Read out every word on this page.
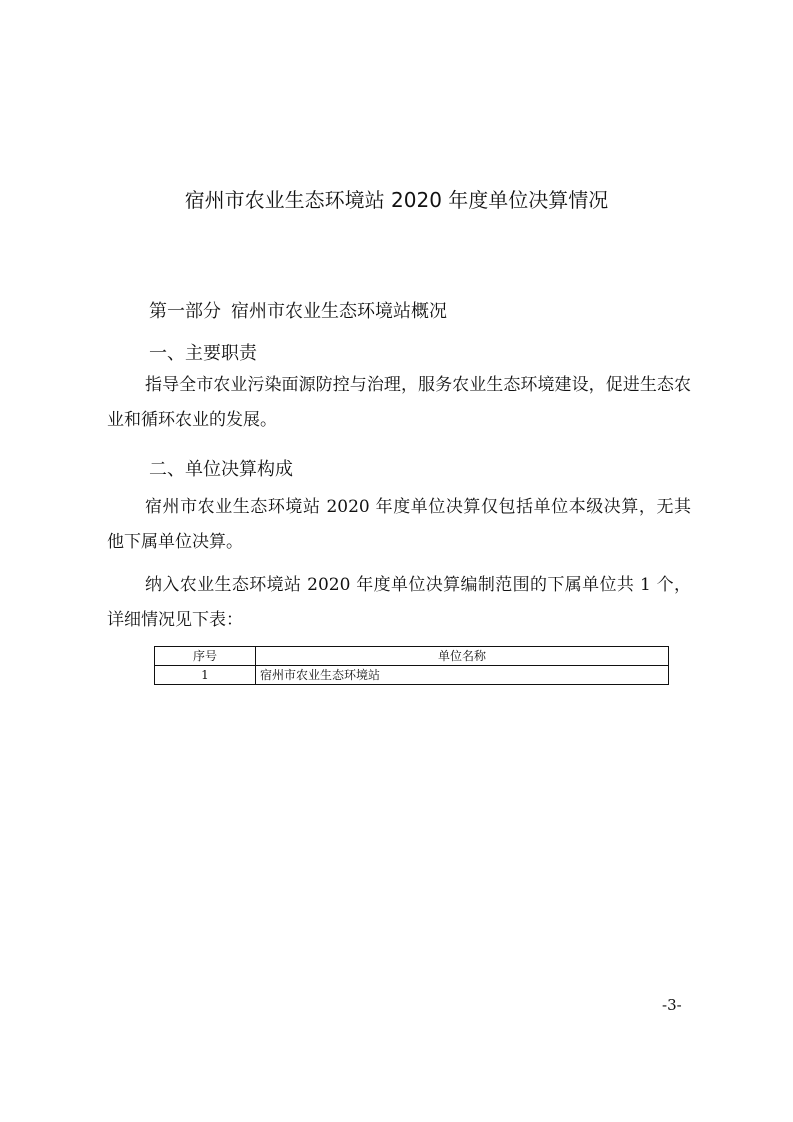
宿州市农业生态环境站 2020 年度单位决算情况
第一部分 宿州市农业生态环境站概况
一、主要职责
指导全市农业污染面源防控与治理，服务农业生态环境建设，促进生态农业和循环农业的发展。
二、单位决算构成
宿州市农业生态环境站 2020 年度单位决算仅包括单位本级决算，无其他下属单位决算。
纳入农业生态环境站 2020 年度单位决算编制范围的下属单位共 1 个，详细情况见下表：
序号	单位名称
1	宿州市农业生态环境站
-3-
